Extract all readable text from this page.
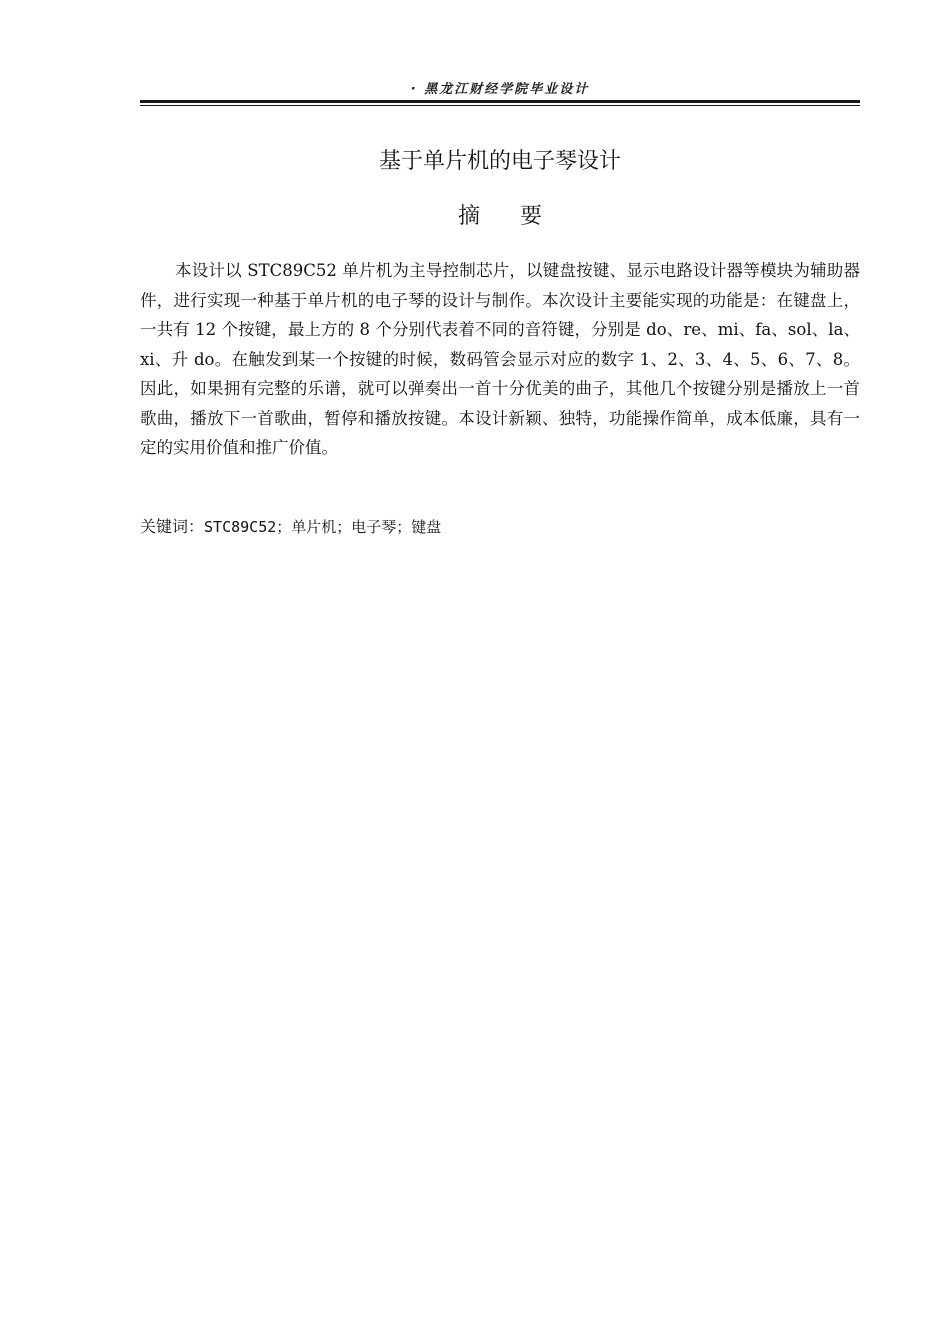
· 黑龙江财经学院毕业设计
基于单片机的电子琴设计
摘要

本设计以 STC89C52 单片机为主导控制芯片，以键盘按键、显示电路设计器等模块为辅助器件，进行实现一种基于单片机的电子琴的设计与制作。本次设计主要能实现的功能是：在键盘上，一共有 12 个按键，最上方的 8 个分别代表着不同的音符键，分别是 do、re、mi、fa、sol、la、xi、升 do。在触发到某一个按键的时候，数码管会显示对应的数字 1、2、3、4、5、6、7、8。因此，如果拥有完整的乐谱，就可以弹奏出一首十分优美的曲子，其他几个按键分别是播放上一首歌曲，播放下一首歌曲，暂停和播放按键。本设计新颖、独特，功能操作简单，成本低廉，具有一定的实用价值和推广价值。

关键词：STC89C52；单片机；电子琴；键盘
